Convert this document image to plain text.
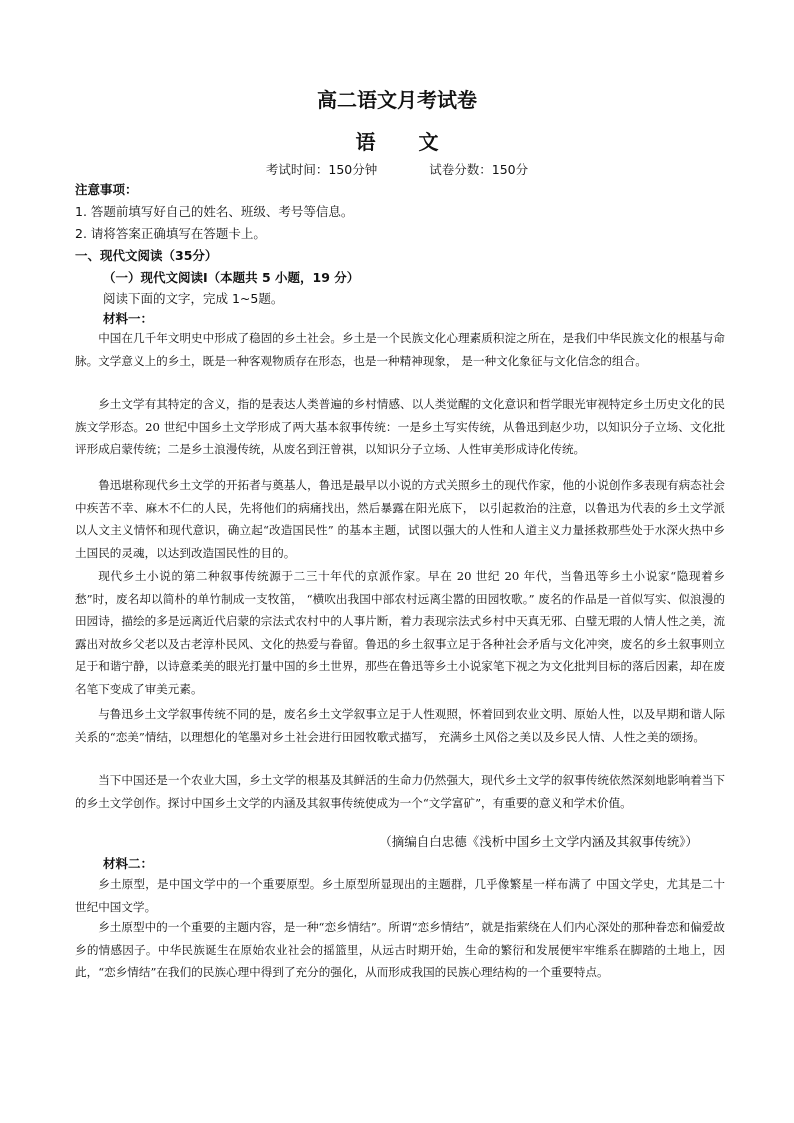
高二语文月考试卷
语 文
考试时间：150分钟	试卷分数：150分
注意事项：
1. 答题前填写好自己的姓名、班级、考号等信息。
2. 请将答案正确填写在答题卡上。
一、现代文阅读（35分）
（一）现代文阅读Ⅰ（本题共 5 小题，19 分）
阅读下面的文字，完成 1~5题。
材料一：
中国在几千年文明史中形成了稳固的乡土社会。乡土是一个民族文化心理素质积淀之所在，是我们中华民族文化的根基与命脉。文学意义上的乡土，既是一种客观物质存在形态，也是一种精神现象， 是一种文化象征与文化信念的组合。
乡土文学有其特定的含义，指的是表达人类普遍的乡村情感、以人类觉醒的文化意识和哲学眼光审视特定乡土历史文化的民族文学形态。20 世纪中国乡土文学形成了两大基本叙事传统：一是乡土写实传统，从鲁迅到赵少功，以知识分子立场、文化批评形成启蒙传统；二是乡土浪漫传统，从废名到汪曾祺，以知识分子立场、人性审美形成诗化传统。
鲁迅堪称现代乡土文学的开拓者与奠基人，鲁迅是最早以小说的方式关照乡土的现代作家，他的小说创作多表现有病态社会中疾苦不幸、麻木不仁的人民，先将他们的病痛找出，然后暴露在阳光底下， 以引起救治的注意，以鲁迅为代表的乡土文学派以人文主义情怀和现代意识，确立起“改造国民性” 的基本主题，试图以强大的人性和人道主义力量拯救那些处于水深火热中乡土国民的灵魂，以达到改造国民性的目的。
现代乡土小说的第二种叙事传统源于二三十年代的京派作家。早在 20 世纪 20 年代，当鲁迅等乡土小说家“隐现着乡愁”时，废名却以简朴的单竹制成一支牧笛， “横吹出我国中部农村远离尘嚣的田园牧歌。” 废名的作品是一首似写实、似浪漫的田园诗，描绘的多是远离近代启蒙的宗法式农村中的人事片断，着力表现宗法式乡村中天真无邪、白璧无瑕的人情人性之美，流露出对故乡父老以及古老淳朴民风、文化的热爱与眷留。鲁迅的乡土叙事立足于各种社会矛盾与文化冲突，废名的乡土叙事则立足于和谐宁静，以诗意柔美的眼光打量中国的乡土世界，那些在鲁迅等乡土小说家笔下视之为文化批判目标的落后因素，却在废名笔下变成了审美元素。
与鲁迅乡土文学叙事传统不同的是，废名乡土文学叙事立足于人性观照，怀着回到农业文明、原始人性，以及早期和谐人际关系的“恋美”情结，以理想化的笔墨对乡土社会进行田园牧歌式描写， 充满乡土风俗之美以及乡民人情、人性之美的颂扬。
当下中国还是一个农业大国，乡土文学的根基及其鲜活的生命力仍然强大，现代乡土文学的叙事传统依然深刻地影响着当下的乡土文学创作。探讨中国乡土文学的内涵及其叙事传统使成为一个“文学富矿”，有重要的意义和学术价值。
（摘编自白忠德《浅析中国乡土文学内涵及其叙事传统》）
材料二：
乡土原型，是中国文学中的一个重要原型。乡土原型所显现出的主题群，几乎像繁星一样布满了 中国文学史，尤其是二十世纪中国文学。
乡土原型中的一个重要的主题内容，是一种“恋乡情结”。所谓“恋乡情结”，就是指萦绕在人们内心深处的那种眷恋和偏爱故乡的情感因子。中华民族诞生在原始农业社会的摇篮里，从远古时期开始，生命的繁衍和发展便牢牢维系在脚踏的土地上，因此，“恋乡情结”在我们的民族心理中得到了充分的强化，从而形成我国的民族心理结构的一个重要特点。
